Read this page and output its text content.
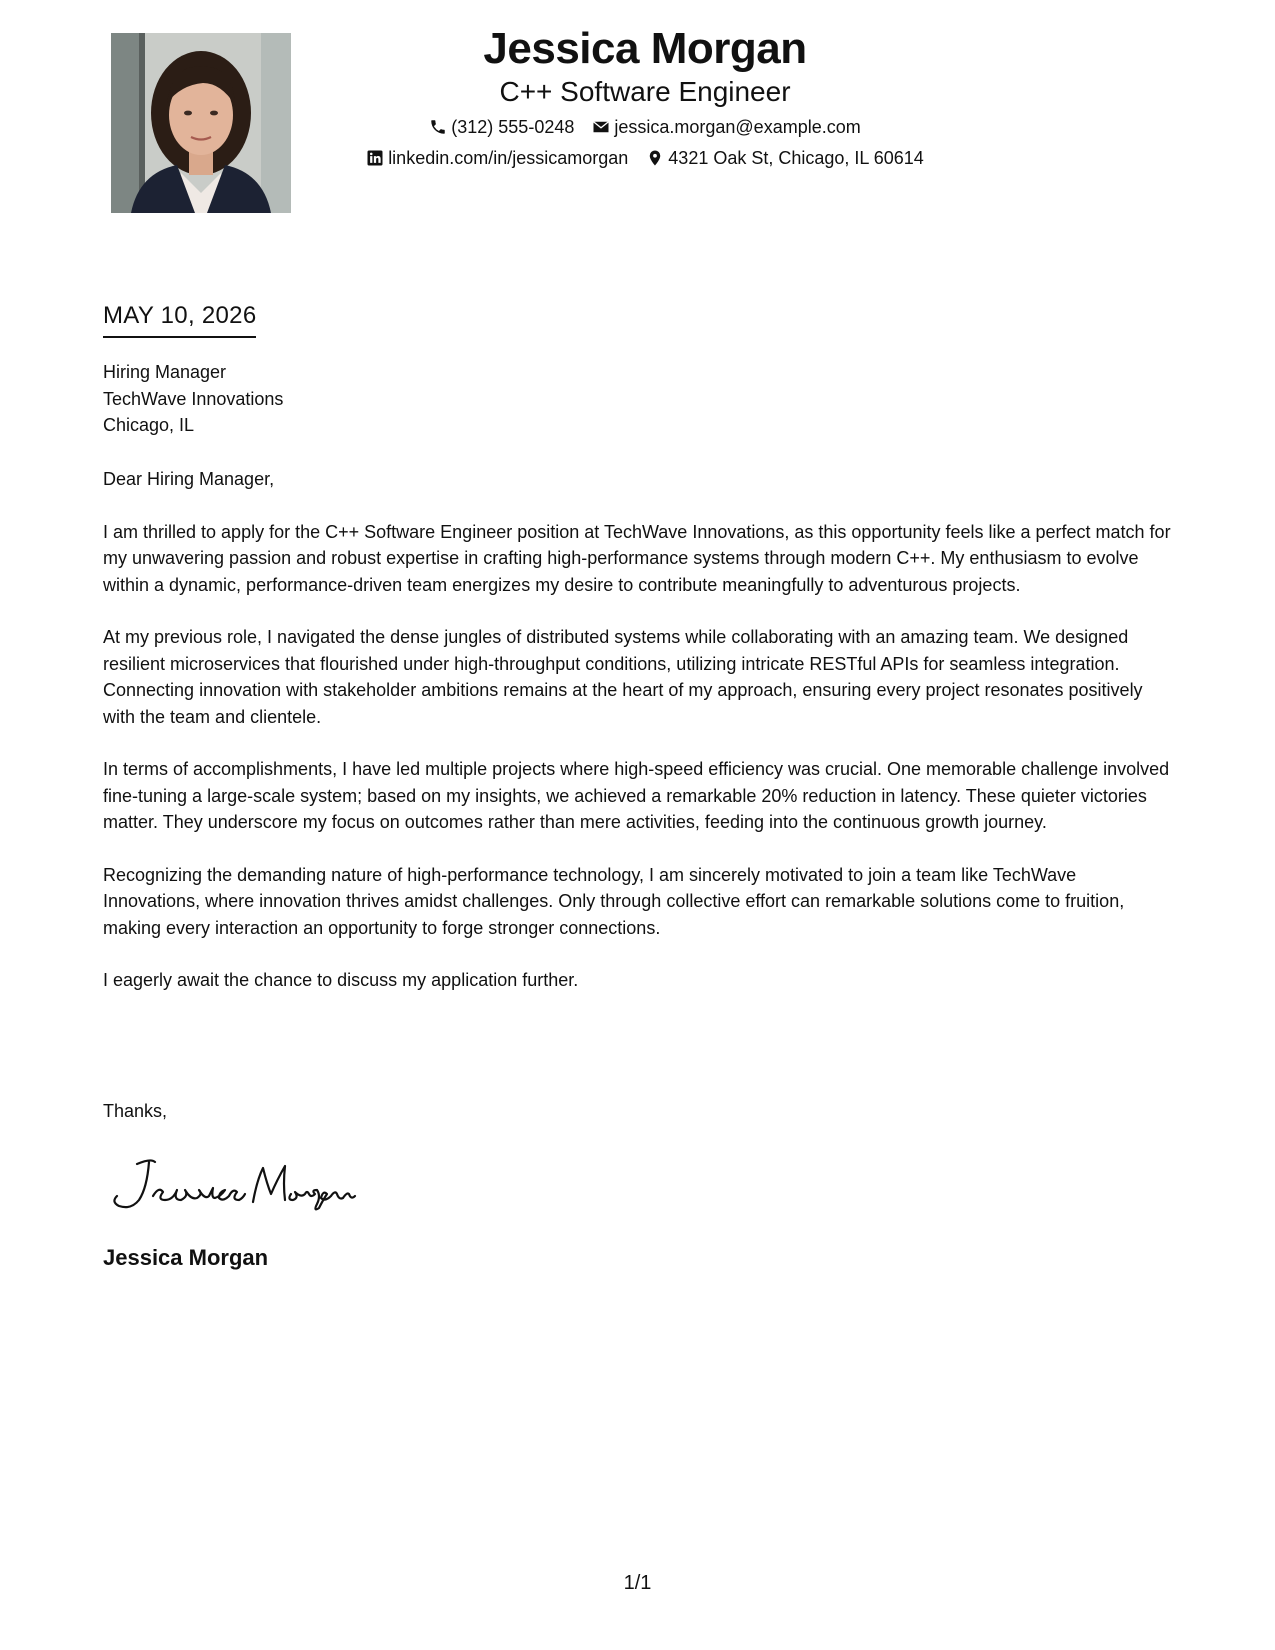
Jessica Morgan
C++ Software Engineer
(312) 555-0248 jessica.morgan@example.com
linkedin.com/in/jessicamorgan 4321 Oak St, Chicago, IL 60614
MAY 10, 2026
Hiring Manager
TechWave Innovations
Chicago, IL

Dear Hiring Manager,

I am thrilled to apply for the C++ Software Engineer position at TechWave Innovations, as this opportunity feels like a perfect match for my unwavering passion and robust expertise in crafting high-performance systems through modern C++. My enthusiasm to evolve within a dynamic, performance-driven team energizes my desire to contribute meaningfully to adventurous projects.

At my previous role, I navigated the dense jungles of distributed systems while collaborating with an amazing team. We designed resilient microservices that flourished under high-throughput conditions, utilizing intricate RESTful APIs for seamless integration. Connecting innovation with stakeholder ambitions remains at the heart of my approach, ensuring every project resonates positively with the team and clientele.

In terms of accomplishments, I have led multiple projects where high-speed efficiency was crucial. One memorable challenge involved fine-tuning a large-scale system; based on my insights, we achieved a remarkable 20% reduction in latency. These quieter victories matter. They underscore my focus on outcomes rather than mere activities, feeding into the continuous growth journey.

Recognizing the demanding nature of high-performance technology, I am sincerely motivated to join a team like TechWave Innovations, where innovation thrives amidst challenges. Only through collective effort can remarkable solutions come to fruition, making every interaction an opportunity to forge stronger connections.

I eagerly await the chance to discuss my application further.

Thanks,
Jessica Morgan
1/1
